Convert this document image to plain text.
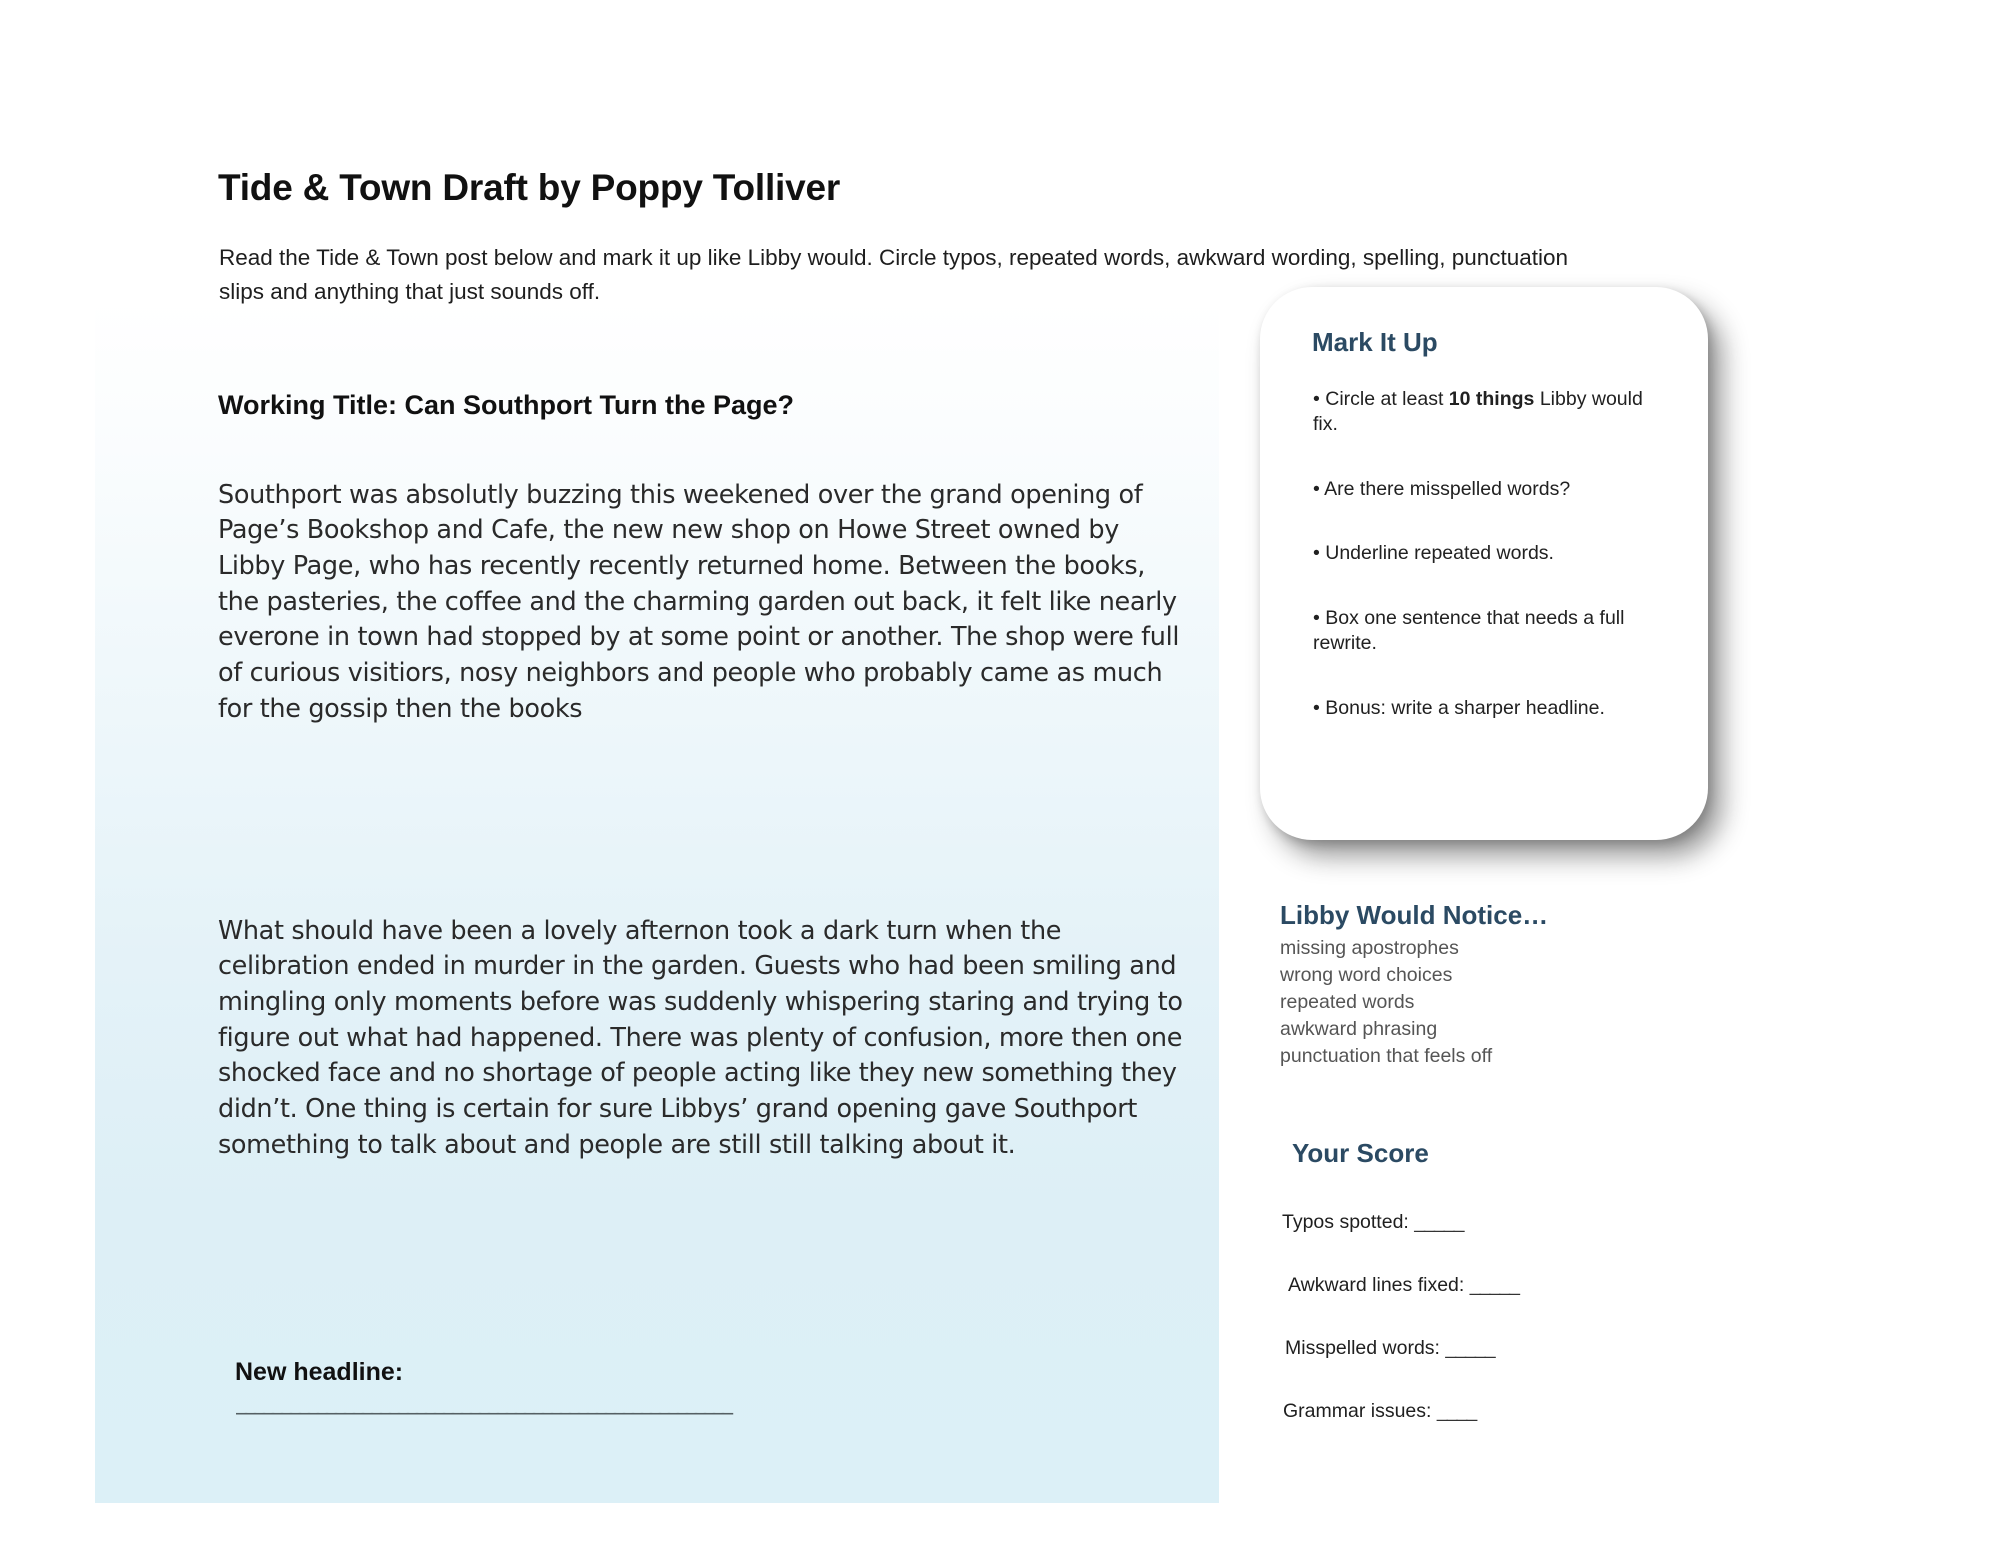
Tide & Town Draft by Poppy Tolliver

Read the Tide & Town post below and mark it up like Libby would. Circle typos, repeated words, awkward wording, spelling, punctuation slips and anything that just sounds off.

Working Title: Can Southport Turn the Page?

Southport was absolutly buzzing this weekened over the grand opening of Page’s Bookshop and Cafe, the new new shop on Howe Street owned by Libby Page, who has recently recently returned home. Between the books, the pasteries, the coffee and the charming garden out back, it felt like nearly everone in town had stopped by at some point or another. The shop were full of curious visitiors, nosy neighbors and people who probably came as much for the gossip then the books

What should have been a lovely afternon took a dark turn when the celibration ended in murder in the garden. Guests who had been smiling and mingling only moments before was suddenly whispering staring and trying to figure out what had happened. There was plenty of confusion, more then one shocked face and no shortage of people acting like they new something they didn’t. One thing is certain for sure Libbys’ grand opening gave Southport something to talk about and people are still still talking about it.

New headline:
_______________________________________________________
Mark It Up
• Circle at least 10 things Libby would fix.
• Are there misspelled words?
• Underline repeated words.
• Box one sentence that needs a full rewrite.
• Bonus: write a sharper headline.
Libby Would Notice…
missing apostrophes
wrong word choices
repeated words
awkward phrasing
punctuation that feels off
Your Score
Typos spotted: _____
Awkward lines fixed: _____
Misspelled words: _____
Grammar issues: ____
